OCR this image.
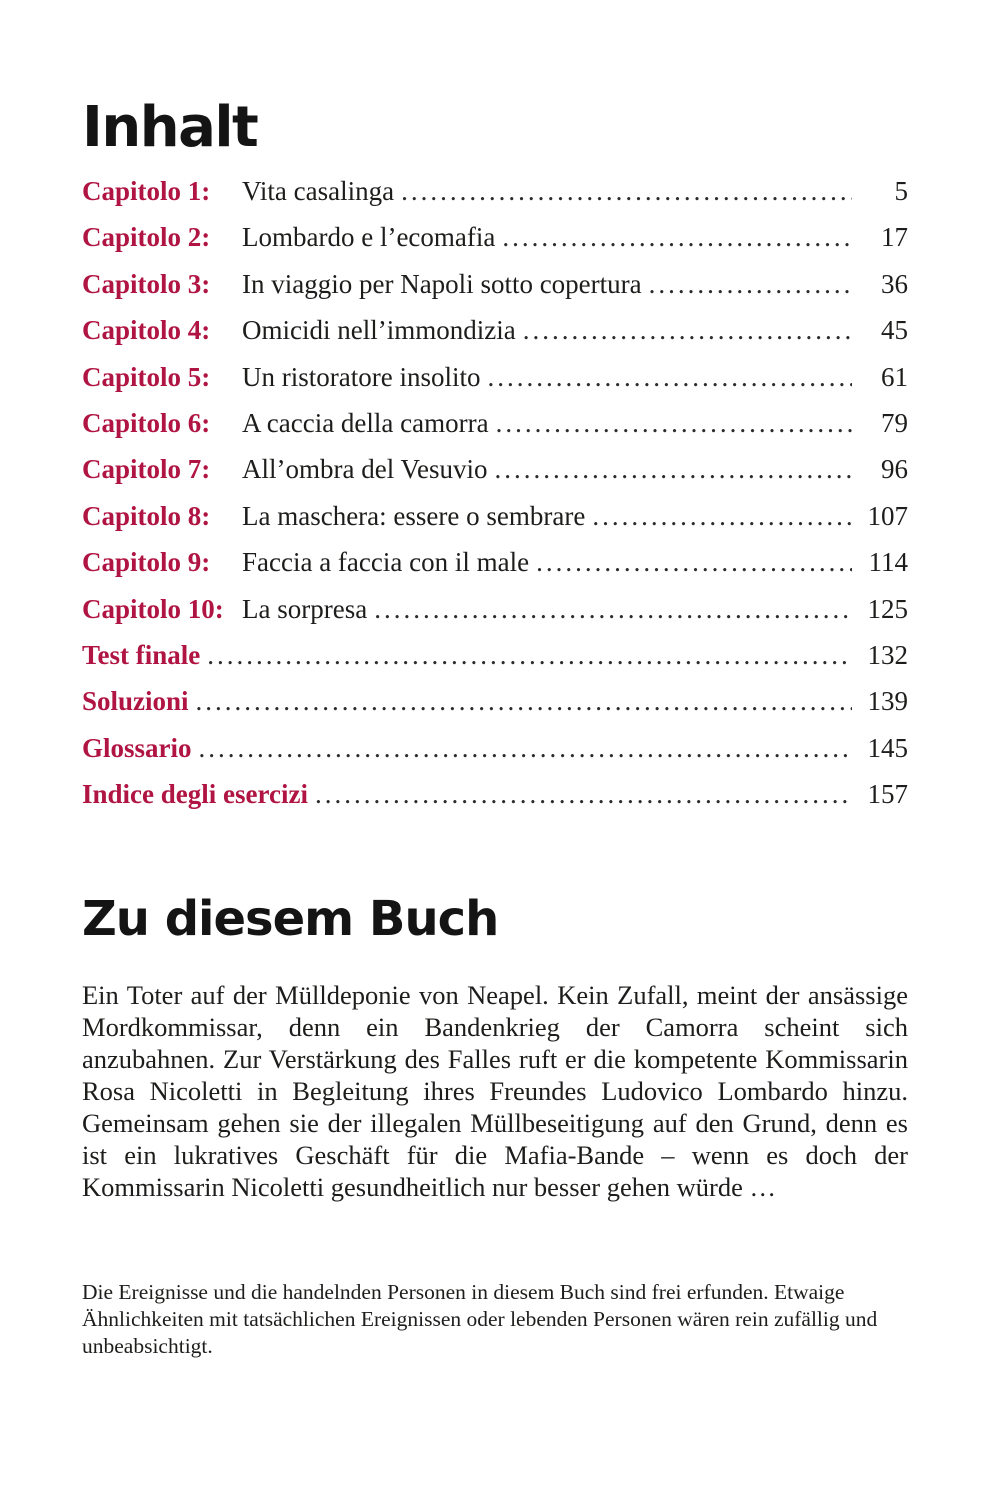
Inhalt
Capitolo 1:	Vita casalinga .....	5
Capitolo 2:	Lombardo e l’ecomafia .....	17
Capitolo 3:	In viaggio per Napoli sotto copertura .....	36
Capitolo 4:	Omicidi nell’immondizia .....	45
Capitolo 5:	Un ristoratore insolito .....	61
Capitolo 6:	A caccia della camorra .....	79
Capitolo 7:	All’ombra del Vesuvio .....	96
Capitolo 8:	La maschera: essere o sembrare .....	107
Capitolo 9:	Faccia a faccia con il male .....	114
Capitolo 10: La sorpresa .....	125
Test finale .....	132
Soluzioni .....	139
Glossario .....	145
Indice degli esercizi .....	157
Zu diesem Buch

Ein Toter auf der Mülldeponie von Neapel. Kein Zufall, meint der ansässige Mordkommissar, denn ein Bandenkrieg der Camorra scheint sich anzubahnen. Zur Verstärkung des Falles ruft er die kompetente Kommissarin Rosa Nicoletti in Begleitung ihres Freundes Ludovico Lombardo hinzu. Gemeinsam gehen sie der illegalen Müllbeseitigung auf den Grund, denn es ist ein lukratives Geschäft für die Mafia-Bande – wenn es doch der Kommissarin Nicoletti gesundheitlich nur besser gehen würde …

Die Ereignisse und die handelnden Personen in diesem Buch sind frei erfunden. Etwaige Ähnlichkeiten mit tatsächlichen Ereignissen oder lebenden Personen wären rein zufällig und unbeabsichtigt.
